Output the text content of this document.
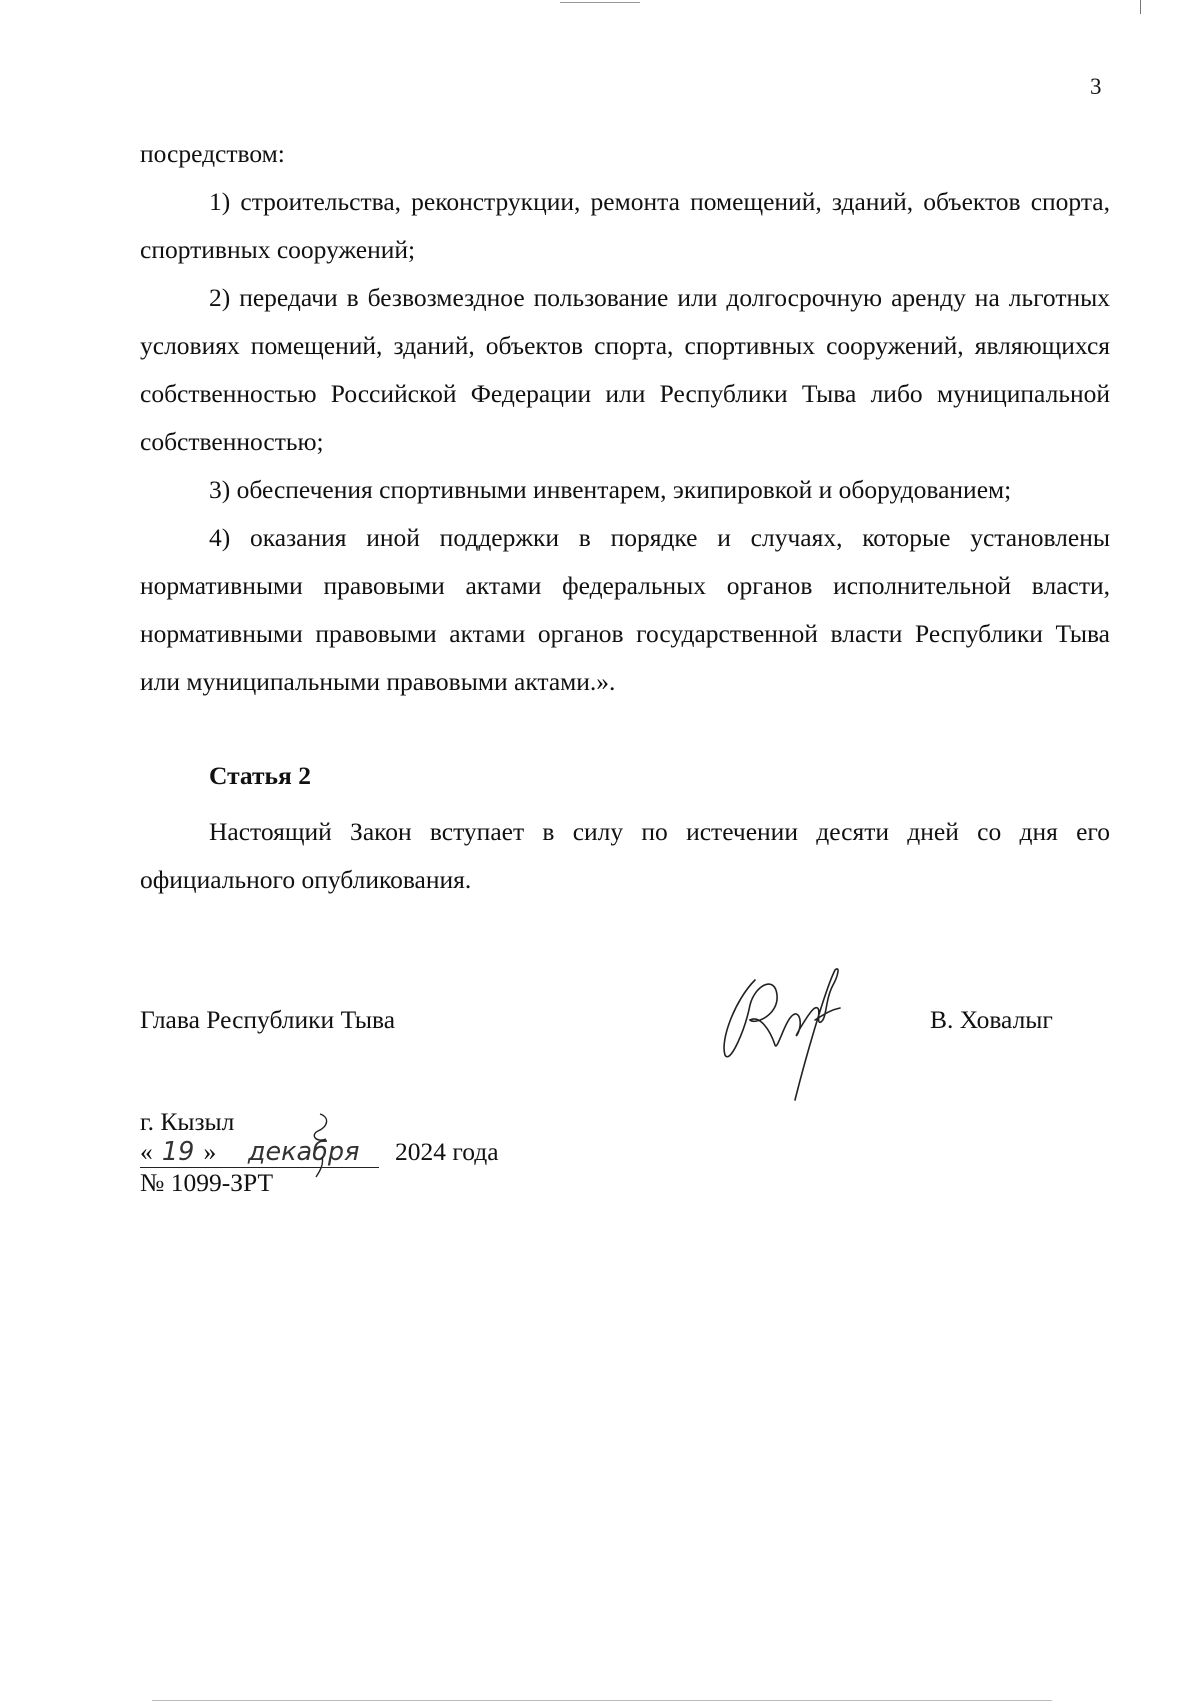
3

посредством:

1) строительства, реконструкции, ремонта помещений, зданий, объектов спорта, спортивных сооружений;

2) передачи в безвозмездное пользование или долгосрочную аренду на льготных условиях помещений, зданий, объектов спорта, спортивных сооружений, являющихся собственностью Российской Федерации или Республики Тыва либо муниципальной собственностью;

3) обеспечения спортивными инвентарем, экипировкой и оборудованием;

4) оказания иной поддержки в порядке и случаях, которые установлены нормативными правовыми актами федеральных органов исполнительной власти, нормативными правовыми актами органов государственной власти Республики Тыва или муниципальными правовыми актами.».

Статья 2

Настоящий Закон вступает в силу по истечении десяти дней со дня его официального опубликования.

Глава Республики Тыва	В. Ховалыг
г. Кызыл
« 19 » декабря 2024 года
№ 1099-ЗРТ
